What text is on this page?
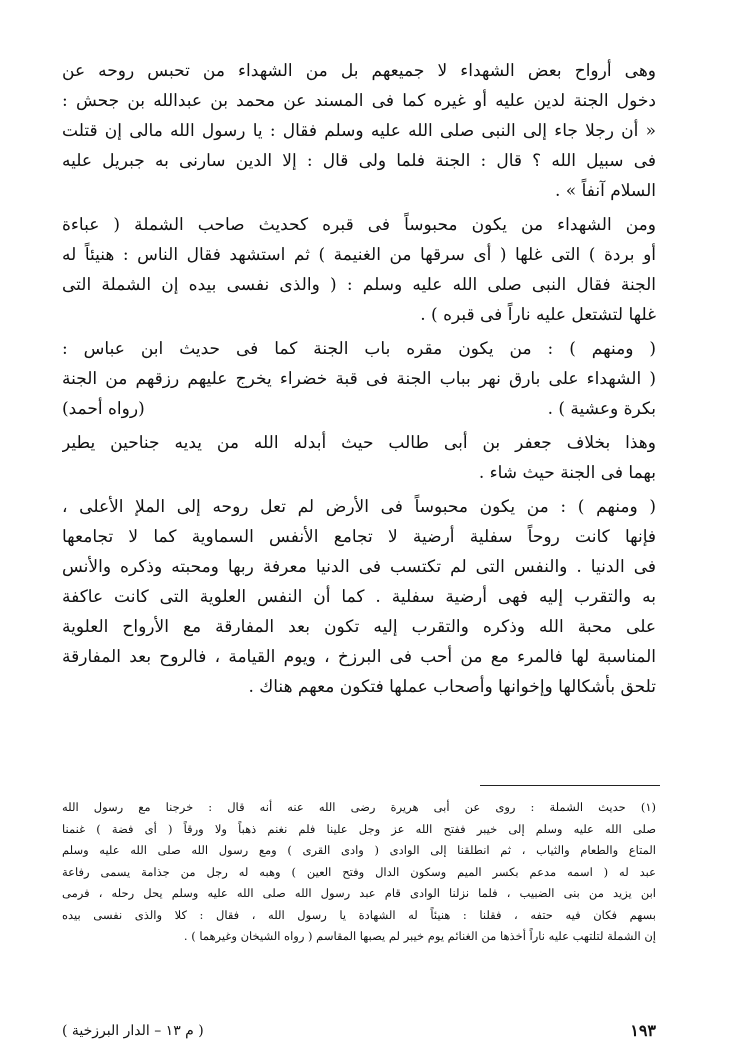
وهى أرواح بعض الشهداء لا جميعهم بل من الشهداء من تحبس روحه عن
دخول الجنة لدين عليه أو غيره كما فى المسند عن محمد بن عبدالله بن جحش :
« أن رجلا جاء إلى النبى صلى الله عليه وسلم فقال : يا رسول الله مالى إن قتلت
فى سبيل الله ؟ قال : الجنة فلما ولى قال : إلا الدين سارنى به جبريل عليه
السلام آنفاً » .
ومن الشهداء من يكون محبوساً فى قبره كحديث صاحب الشملة ( عباءة
أو بردة ) التى غلها ( أى سرقها من الغنيمة ) ثم استشهد فقال الناس : هنيئاً له
الجنة فقال النبى صلى الله عليه وسلم : ( والذى نفسى بيده إن الشملة التى
غلها لتشتعل عليه ناراً فى قبره ) .
( ومنهم ) : من يكون مقره باب الجنة كما فى حديث ابن عباس :
( الشهداء على بارق نهر بباب الجنة فى قبة خضراء يخرج عليهم رزقهم من الجنة
بكرة وعشية ) .
(رواه أحمد)
وهذا بخلاف جعفر بن أبى طالب حيث أبدله الله من يديه جناحين يطير
بهما فى الجنة حيث شاء .
( ومنهم ) : من يكون محبوساً فى الأرض لم تعل روحه إلى الملإ الأعلى ،
فإنها كانت روحاً سفلية أرضية لا تجامع الأنفس السماوية كما لا تجامعها
فى الدنيا . والنفس التى لم تكتسب فى الدنيا معرفة ربها ومحبته وذكره والأنس
به والتقرب إليه فهى أرضية سفلية . كما أن النفس العلوية التى كانت عاكفة
على محبة الله وذكره والتقرب إليه تكون بعد المفارقة مع الأرواح العلوية
المناسبة لها فالمرء مع من أحب فى البرزخ ، ويوم القيامة ، فالروح بعد المفارقة
تلحق بأشكالها وإخوانها وأصحاب عملها فتكون معهم هناك .
(١) حديث الشملة : روى عن أبى هريرة رضى الله عنه أنه قال : خرجنا مع رسول الله
صلى الله عليه وسلم إلى خيبر ففتح الله عز وجل علينا فلم نغنم ذهباً ولا ورقاً ( أى فضة ) غنمنا
المتاع والطعام والثياب ، ثم انطلقنا إلى الوادى ( وادى القرى ) ومع رسول الله صلى الله عليه وسلم
عبد له ( اسمه مدعم بكسر الميم وسكون الدال وفتح العين ) وهبه له رجل من جذامة يسمى رفاعة
ابن يزيد من بنى الضبيب ، فلما نزلنا الوادى قام عبد رسول الله صلى الله عليه وسلم يحل رحله ، فرمى
بسهم فكان فيه حتفه ، فقلنا : هنيئاً له الشهادة يا رسول الله ، فقال : كلا والذى نفسى بيده
إن الشملة لتلتهب عليه ناراً أخذها من الغنائم يوم خيبر لم يصبها المقاسم ( رواه الشيخان وغيرهما ) .
١٩٣
( م ١٣ – الدار البرزخية )
